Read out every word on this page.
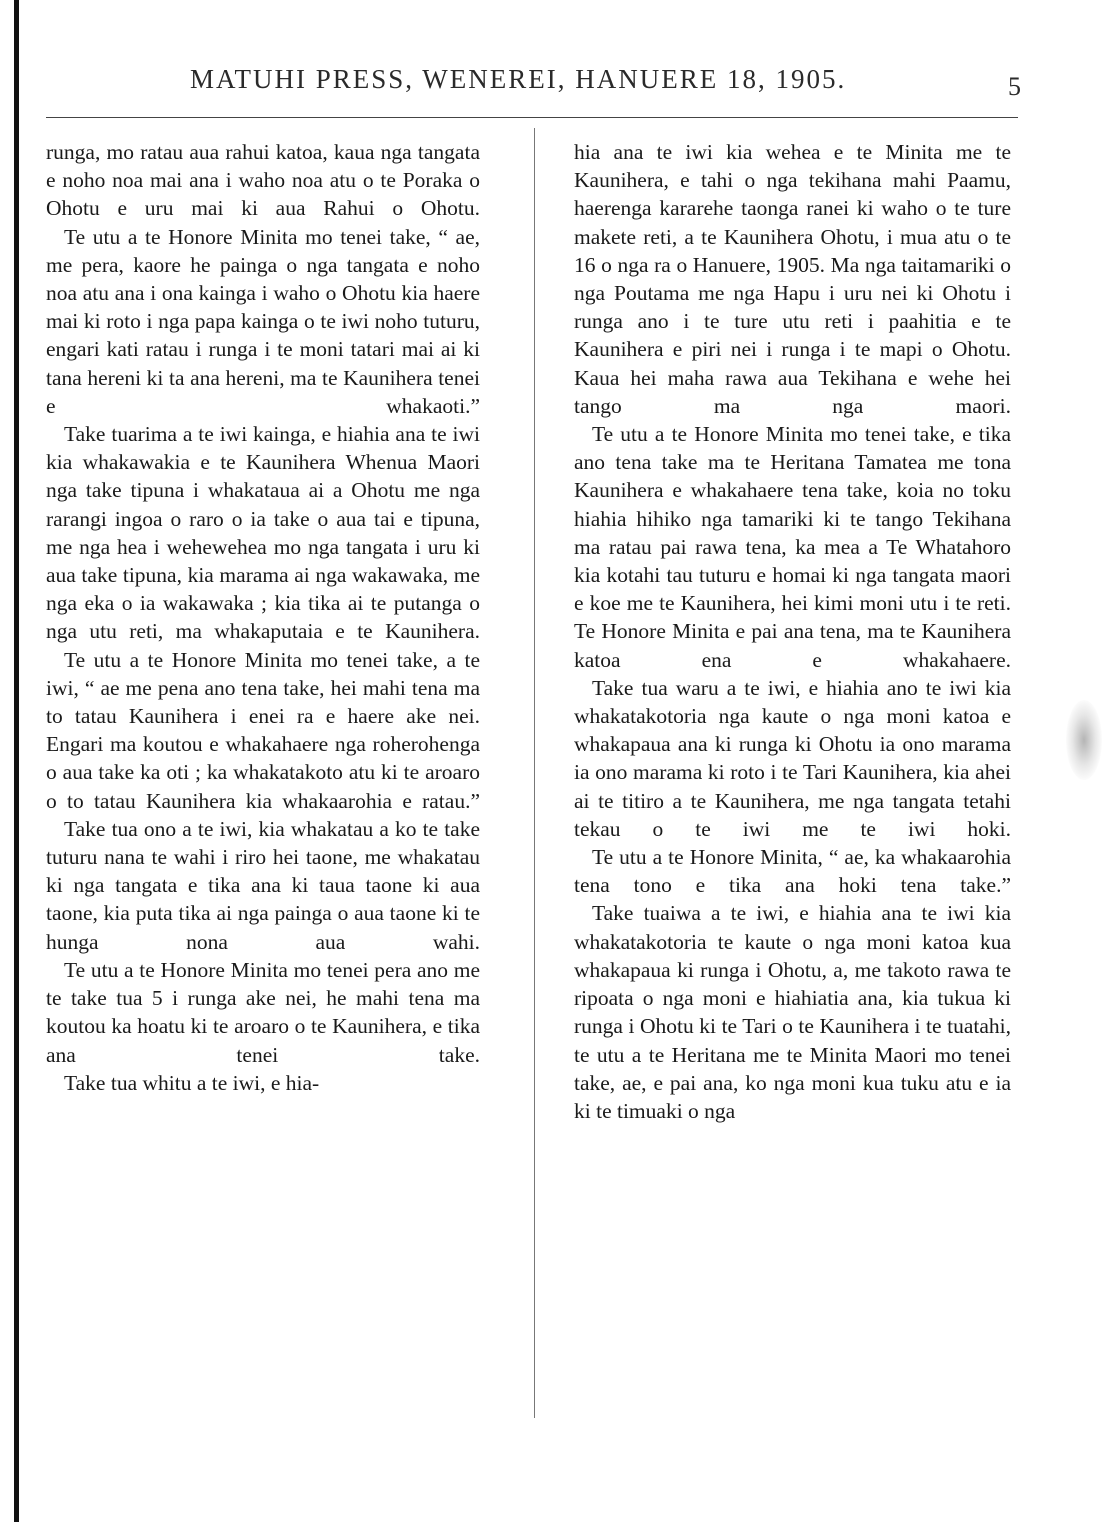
MATUHI PRESS, WENEREI, HANUERE 18, 1905.	5

runga, mo ratau aua rahui katoa, kaua nga tangata e noho noa mai ana i waho noa atu o te Poraka o Ohotu e uru mai ki aua Rahui o Ohotu.

Te utu a te Honore Minita mo tenei take, “ ae, me pera, kaore he painga o nga tangata e noho noa atu ana i ona kainga i waho o Ohotu kia haere mai ki roto i nga papa kainga o te iwi noho tuturu, engari kati ratau i runga i te moni tatari mai ai ki tana hereni ki ta ana hereni, ma te Kaunihera tenei e whakaoti.”

Take tuarima a te iwi kainga, e hiahia ana te iwi kia whakawakia e te Kaunihera Whenua Maori nga take tipuna i whakataua ai a Ohotu me nga rarangi ingoa o raro o ia take o aua tai e tipuna, me nga hea i wehewehea mo nga tangata i uru ki aua take tipuna, kia marama ai nga wakawaka, me nga eka o ia wakawaka ; kia tika ai te putanga o nga utu reti, ma whakaputaia e te Kaunihera.

Te utu a te Honore Minita mo tenei take, a te iwi, “ ae me pena ano tena take, hei mahi tena ma to tatau Kaunihera i enei ra e haere ake nei. Engari ma koutou e whakahaere nga roherohenga o aua take ka oti ; ka whakatakoto atu ki te aroaro o to tatau Kaunihera kia whakaarohia e ratau.”

Take tua ono a te iwi, kia whakatau a ko te take tuturu nana te wahi i riro hei taone, me whakatau ki nga tangata e tika ana ki taua taone ki aua taone, kia puta tika ai nga painga o aua taone ki te hunga nona aua wahi.

Te utu a te Honore Minita mo tenei pera ano me te take tua 5 i runga ake nei, he mahi tena ma koutou ka hoatu ki te aroaro o te Kaunihera, e tika ana tenei take.

Take tua whitu a te iwi, e hia-

hia ana te iwi kia wehea e te Minita me te Kaunihera, e tahi o nga tekihana mahi Paamu, haerenga kararehe taonga ranei ki waho o te ture makete reti, a te Kaunihera Ohotu, i mua atu o te 16 o nga ra o Hanuere, 1905. Ma nga taitamariki o nga Poutama me nga Hapu i uru nei ki Ohotu i runga ano i te ture utu reti i paahitia e te Kaunihera e piri nei i runga i te mapi o Ohotu. Kaua hei maha rawa aua Tekihana e wehe hei tango ma nga maori.

Te utu a te Honore Minita mo tenei take, e tika ano tena take ma te Heritana Tamatea me tona Kaunihera e whakahaere tena take, koia no toku hiahia hihiko nga tamariki ki te tango Tekihana ma ratau pai rawa tena, ka mea a Te Whatahoro kia kotahi tau tuturu e homai ki nga tangata maori e koe me te Kaunihera, hei kimi moni utu i te reti. Te Honore Minita e pai ana tena, ma te Kaunihera katoa ena e whakahaere.

Take tua waru a te iwi, e hiahia ano te iwi kia whakatakotoria nga kaute o nga moni katoa e whakapaua ana ki runga ki Ohotu ia ono marama ia ono marama ki roto i te Tari Kaunihera, kia ahei ai te titiro a te Kaunihera, me nga tangata tetahi tekau o te iwi me te iwi hoki.

Te utu a te Honore Minita, “ ae, ka whakaarohia tena tono e tika ana hoki tena take.”

Take tuaiwa a te iwi, e hiahia ana te iwi kia whakatakotoria te kaute o nga moni katoa kua whakapaua ki runga i Ohotu, a, me takoto rawa te ripoata o nga moni e hiahiatia ana, kia tukua ki runga i Ohotu ki te Tari o te Kaunihera i te tuatahi, te utu a te Heritana me te Minita Maori mo tenei take, ae, e pai ana, ko nga moni kua tuku atu e ia ki te timuaki o nga
